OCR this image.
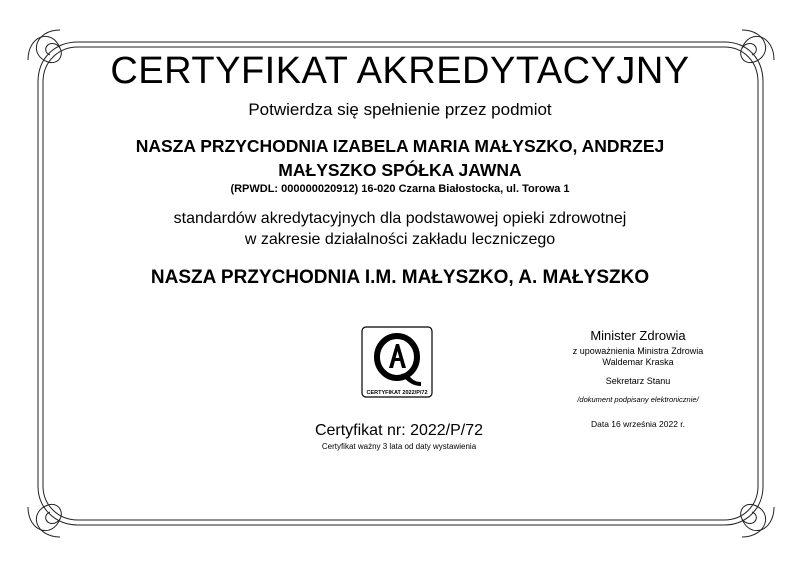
CERTYFIKAT AKREDYTACYJNY
Potwierdza się spełnienie przez podmiot
NASZA PRZYCHODNIA IZABELA MARIA MAŁYSZKO, ANDRZEJ
MAŁYSZKO SPÓŁKA JAWNA
(RPWDL: 000000020912) 16-020 Czarna Białostocka, ul. Torowa 1
standardów akredytacyjnych dla podstawowej opieki zdrowotnej
w zakresie działalności zakładu leczniczego
NASZA PRZYCHODNIA I.M. MAŁYSZKO, A. MAŁYSZKO
CERTYFIKAT 2022/P/72
Certyfikat nr: 2022/P/72
Certyfikat ważny 3 lata od daty wystawienia
Minister Zdrowia
z upoważnienia Ministra Zdrowia
Waldemar Kraska
Sekretarz Stanu
/dokument podpisany elektronicznie/
Data 16 września 2022 r.
